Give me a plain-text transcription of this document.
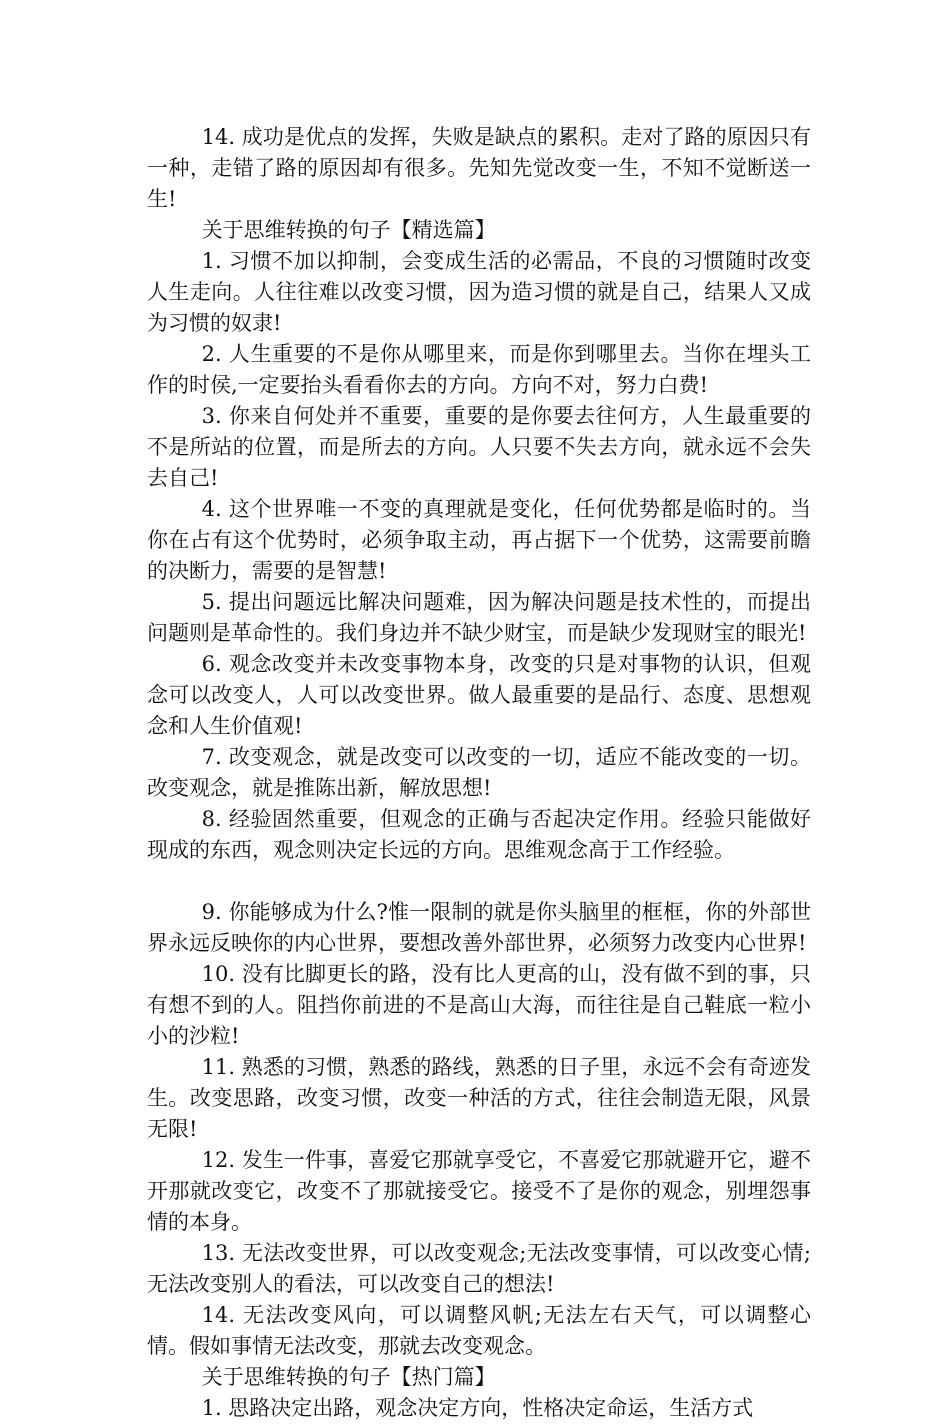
14. 成功是优点的发挥，失败是缺点的累积。走对了路的原因只有一种，走错了路的原因却有很多。先知先觉改变一生，不知不觉断送一生!

关于思维转换的句子【精选篇】

1. 习惯不加以抑制，会变成生活的必需品，不良的习惯随时改变人生走向。人往往难以改变习惯，因为造习惯的就是自己，结果人又成为习惯的奴隶!

2. 人生重要的不是你从哪里来，而是你到哪里去。当你在埋头工作的时侯,一定要抬头看看你去的方向。方向不对，努力白费!

3. 你来自何处并不重要，重要的是你要去往何方，人生最重要的不是所站的位置，而是所去的方向。人只要不失去方向，就永远不会失去自己!

4. 这个世界唯一不变的真理就是变化，任何优势都是临时的。当你在占有这个优势时，必须争取主动，再占据下一个优势，这需要前瞻的决断力，需要的是智慧!

5. 提出问题远比解决问题难，因为解决问题是技术性的，而提出问题则是革命性的。我们身边并不缺少财宝，而是缺少发现财宝的眼光!

6. 观念改变并未改变事物本身，改变的只是对事物的认识，但观念可以改变人，人可以改变世界。做人最重要的是品行、态度、思想观念和人生价值观!

7. 改变观念，就是改变可以改变的一切，适应不能改变的一切。改变观念，就是推陈出新，解放思想!

8. 经验固然重要，但观念的正确与否起决定作用。经验只能做好现成的东西，观念则决定长远的方向。思维观念高于工作经验。

9. 你能够成为什么?惟一限制的就是你头脑里的框框，你的外部世界永远反映你的内心世界，要想改善外部世界，必须努力改变内心世界!

10. 没有比脚更长的路，没有比人更高的山，没有做不到的事，只有想不到的人。阻挡你前进的不是高山大海，而往往是自己鞋底一粒小小的沙粒!

11. 熟悉的习惯，熟悉的路线，熟悉的日子里，永远不会有奇迹发生。改变思路，改变习惯，改变一种活的方式，往往会制造无限，风景无限!

12. 发生一件事，喜爱它那就享受它，不喜爱它那就避开它，避不开那就改变它，改变不了那就接受它。接受不了是你的观念，别埋怨事情的本身。

13. 无法改变世界，可以改变观念;无法改变事情，可以改变心情;无法改变别人的看法，可以改变自己的想法!

14. 无法改变风向，可以调整风帆;无法左右天气，可以调整心情。假如事情无法改变，那就去改变观念。

关于思维转换的句子【热门篇】

1. 思路决定出路，观念决定方向，性格决定命运，生活方式
